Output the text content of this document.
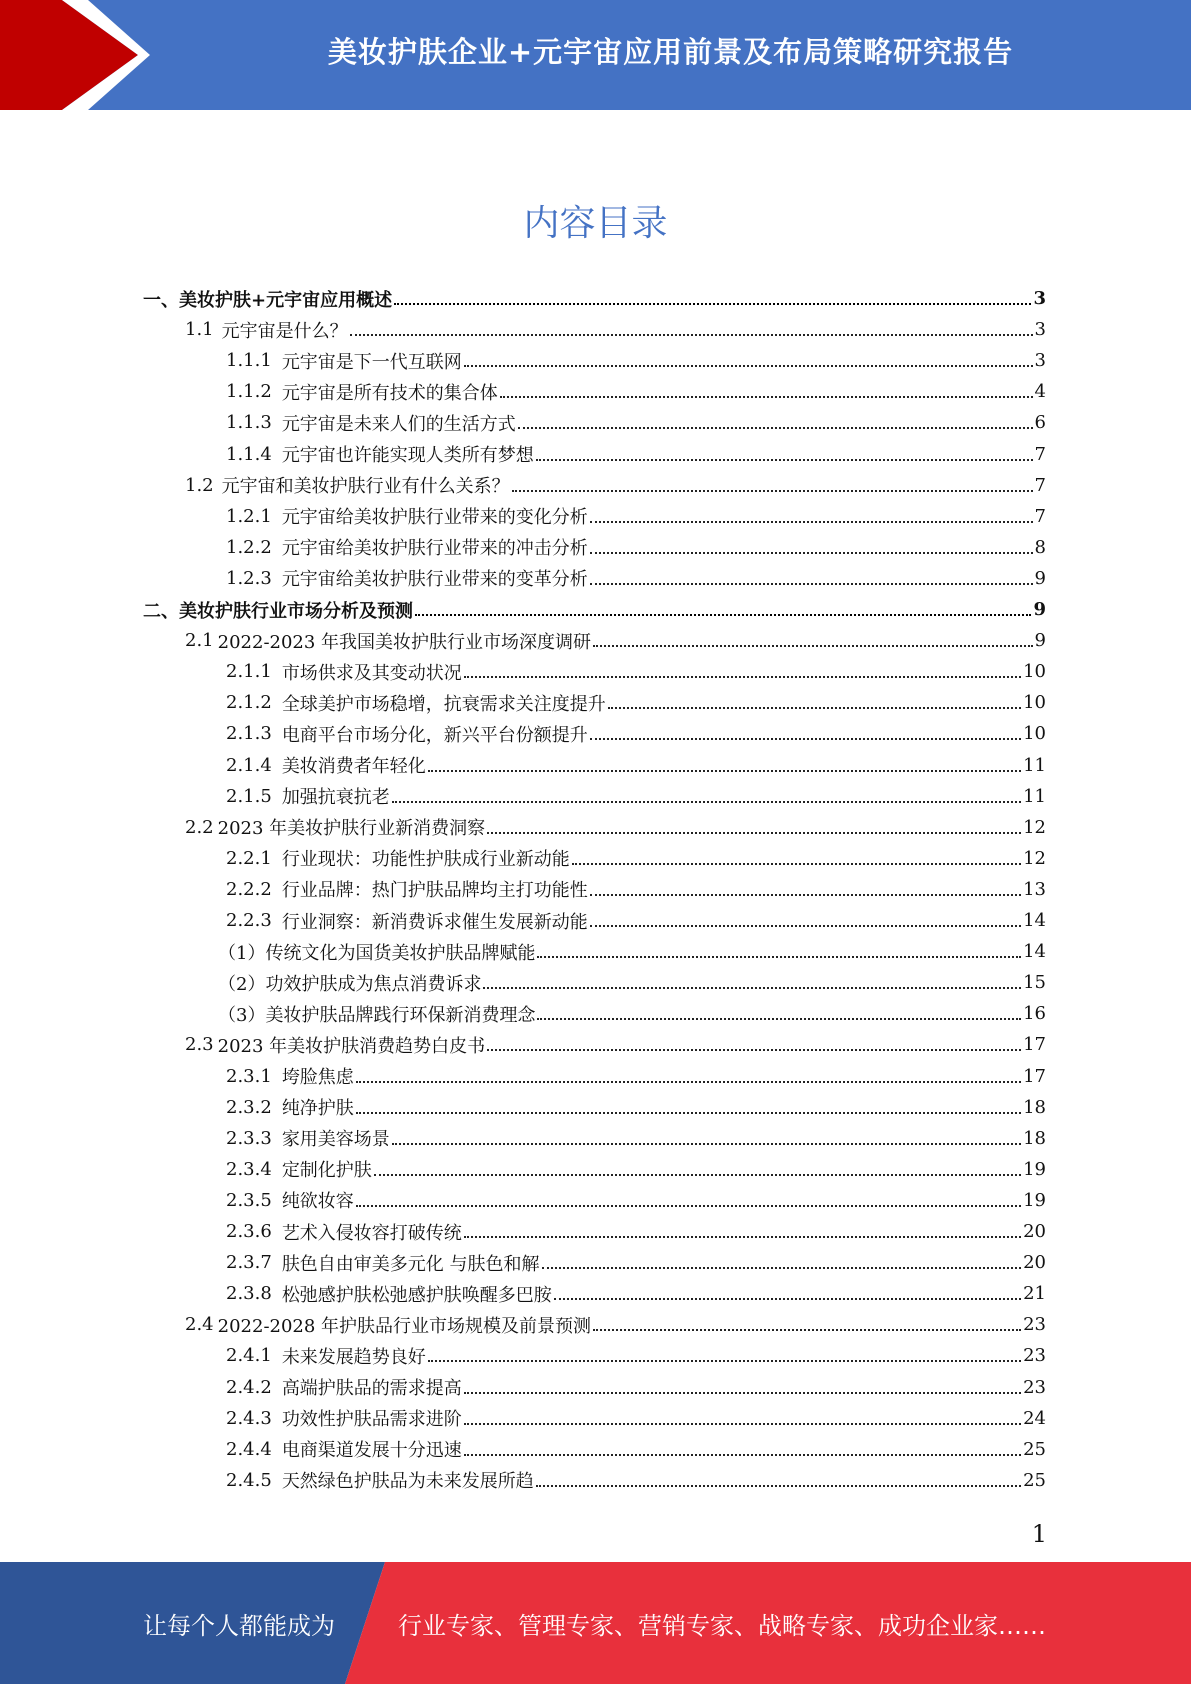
美妆护肤企业+元宇宙应用前景及布局策略研究报告
内容目录
一、 美妆护肤+元宇宙应用概述	3
1.1 元宇宙是什么？	3
1.1.1 元宇宙是下一代互联网	3
1.1.2 元宇宙是所有技术的集合体	4
1.1.3 元宇宙是未来人们的生活方式	6
1.1.4 元宇宙也许能实现人类所有梦想	7
1.2 元宇宙和美妆护肤行业有什么关系？	7
1.2.1 元宇宙给美妆护肤行业带来的变化分析	7
1.2.2 元宇宙给美妆护肤行业带来的冲击分析	8
1.2.3 元宇宙给美妆护肤行业带来的变革分析	9
二、 美妆护肤行业市场分析及预测	9
2.1 2022-2023 年我国美妆护肤行业市场深度调研	9
2.1.1 市场供求及其变动状况	10
2.1.2 全球美护市场稳增，抗衰需求关注度提升	10
2.1.3 电商平台市场分化，新兴平台份额提升	10
2.1.4 美妆消费者年轻化	11
2.1.5 加强抗衰抗老	11
2.2 2023 年美妆护肤行业新消费洞察	12
2.2.1 行业现状：功能性护肤成行业新动能	12
2.2.2 行业品牌：热门护肤品牌均主打功能性	13
2.2.3 行业洞察：新消费诉求催生发展新动能	14
（1） 传统文化为国货美妆护肤品牌赋能	14
（2） 功效护肤成为焦点消费诉求	15
（3） 美妆护肤品牌践行环保新消费理念	16
2.3 2023 年美妆护肤消费趋势白皮书	17
2.3.1 垮脸焦虑	17
2.3.2 纯净护肤	18
2.3.3 家用美容场景	18
2.3.4 定制化护肤	19
2.3.5 纯欲妆容	19
2.3.6 艺术入侵妆容打破传统	20
2.3.7 肤色自由审美多元化 与肤色和解	20
2.3.8 松弛感护肤松弛感护肤唤醒多巴胺	21
2.4 2022-2028 年护肤品行业市场规模及前景预测	23
2.4.1 未来发展趋势良好	23
2.4.2 高端护肤品的需求提高	23
2.4.3 功效性护肤品需求进阶	24
2.4.4 电商渠道发展十分迅速	25
2.4.5 天然绿色护肤品为未来发展所趋	25
1
让每个人都能成为	行业专家、管理专家、营销专家、战略专家、成功企业家……
